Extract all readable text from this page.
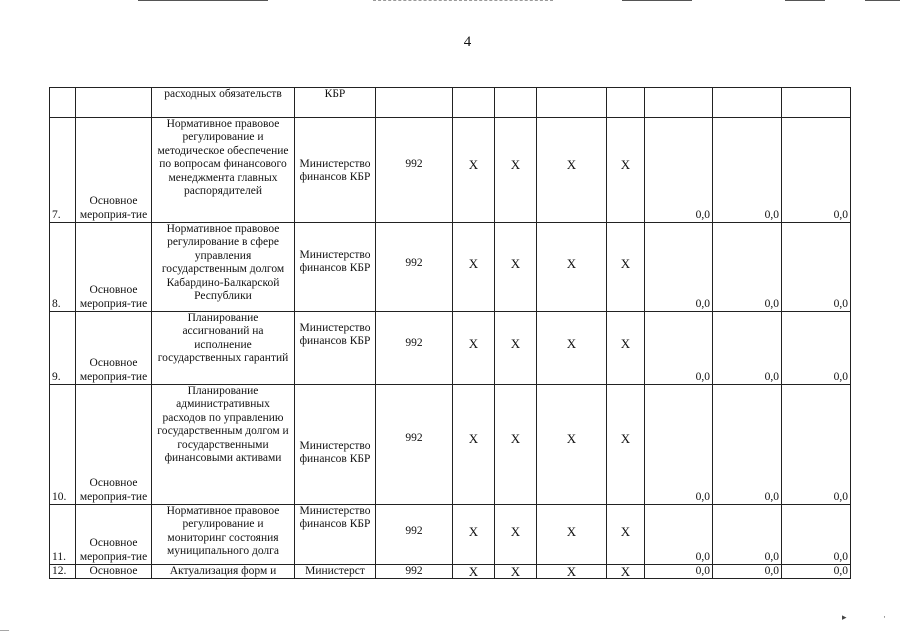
4
		расходных обязательств	КБР								
7.	Основное мероприя-тие	Нормативное правовое регулирование и методическое обеспечение по вопросам финансового менеджмента главных распорядителей	Министерство финансов КБР	992	X	X	X	X	0,0	0,0	0,0
8.	Основное мероприя-тие	Нормативное правовое регулирование в сфере управления государственным долгом Кабардино-Балкарской Республики	Министерство финансов КБР	992	X	X	X	X	0,0	0,0	0,0
9.	Основное мероприя-тие	Планирование ассигнований на исполнение государственных гарантий	Министерство финансов КБР	992	X	X	X	X	0,0	0,0	0,0
10.	Основное мероприя-тие	Планирование административных расходов по управлению государственным долгом и государственными финансовыми активами	Министерство финансов КБР	992	X	X	X	X	0,0	0,0	0,0
11.	Основное мероприя-тие	Нормативное правовое регулирование и мониторинг состояния муниципального долга	Министерство финансов КБР	992	X	X	X	X	0,0	0,0	0,0
12.	Основное	Актуализация форм и	Министерст	992	X	X	X	X	0,0	0,0	0,0
▸	·
—
